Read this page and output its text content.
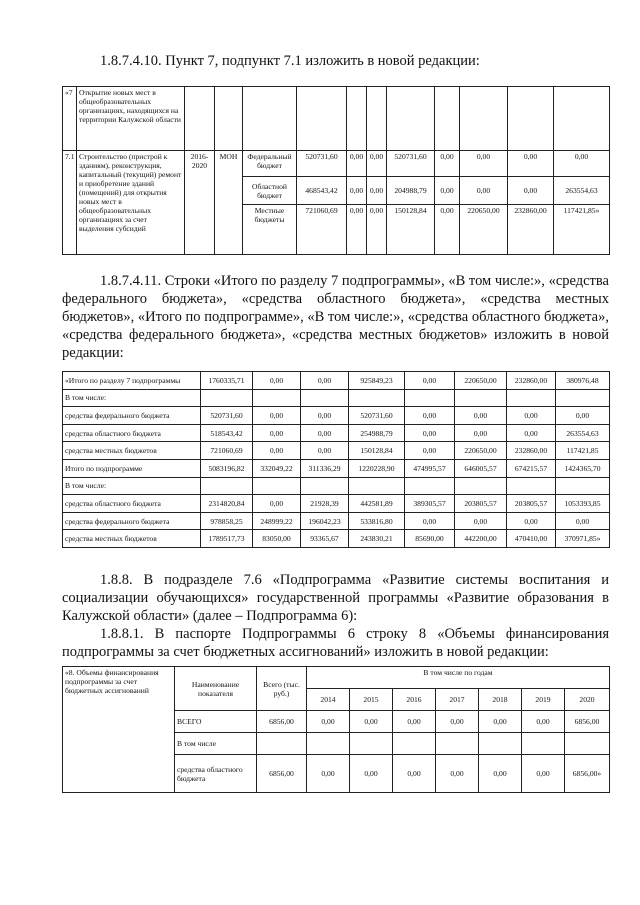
1.8.7.4.10. Пункт 7, подпункт 7.1 изложить в новой редакции:
«7	Открытие новых мест в общеобразовательных организациях, находящихся на территории Калужской области											
7.1	Строительство (пристрой к зданиям), реконструкция, капитальный (текущий) ремонт и приобретение зданий (помещений) для открытия новых мест в общеобразовательных организациях за счет выделения субсидий	2016-2020	МОН	Федеральный бюджет	520731,60	0,00	0,00	520731,60	0,00	0,00	0,00	0,00
				Областной бюджет	468543,42	0,00	0,00	204988,79	0,00	0,00	0,00	263554,63
				Местные бюджеты	721060,69	0,00	0,00	150128,84	0,00	220650,00	232860,00	117421,85»
1.8.7.4.11. Строки «Итого по разделу 7 подпрограммы», «В том числе:», «средства федерального бюджета», «средства областного бюджета», «средства местных бюджетов», «Итого по подпрограмме», «В том числе:», «средства областного бюджета», «средства федерального бюджета», «средства местных бюджетов» изложить в новой редакции:
«Итого по разделу 7 подпрограммы	1760335,71	0,00	0,00	925849,23	0,00	220650,00	232860,00	380976,48
В том числе:								
средства федерального бюджета	520731,60	0,00	0,00	520731,60	0,00	0,00	0,00	0,00
средства областного бюджета	518543,42	0,00	0,00	254988,79	0,00	0,00	0,00	263554,63
средства местных бюджетов	721060,69	0,00	0,00	150128,84	0,00	220650,00	232860,00	117421,85
Итого по подпрограмме	5083196,82	332049,22	311336,29	1220228,90	474995,57	646005,57	674215,57	1424365,70
В том числе:								
средства областного бюджета	2314820,84	0,00	21928,39	442581,89	389305,57	203805,57	203805,57	1053393,85
средства федерального бюджета	978858,25	248999,22	196042,23	533816,80	0,00	0,00	0,00	0,00
средства местных бюджетов	1789517,73	83050,00	93365,67	243830,21	85690,00	442200,00	470410,00	370971,85»
1.8.8. В подразделе 7.6 «Подпрограмма «Развитие системы воспитания и социализации обучающихся» государственной программы «Развитие образования в Калужской области» (далее – Подпрограмма 6):
1.8.8.1. В паспорте Подпрограммы 6 строку 8 «Объемы финансирования подпрограммы за счет бюджетных ассигнований» изложить в новой редакции:
«8. Объемы финансирования подпрограммы за счет бюджетных ассигнований	Наименование показателя	Всего (тыс. руб.)	В том числе по годам						
			2014	2015	2016	2017	2018	2019	2020
	ВСЕГО	6856,00	0,00	0,00	0,00	0,00	0,00	0,00	6856,00
	В том числе								
	средства областного бюджета	6856,00	0,00	0,00	0,00	0,00	0,00	0,00	6856,00»
